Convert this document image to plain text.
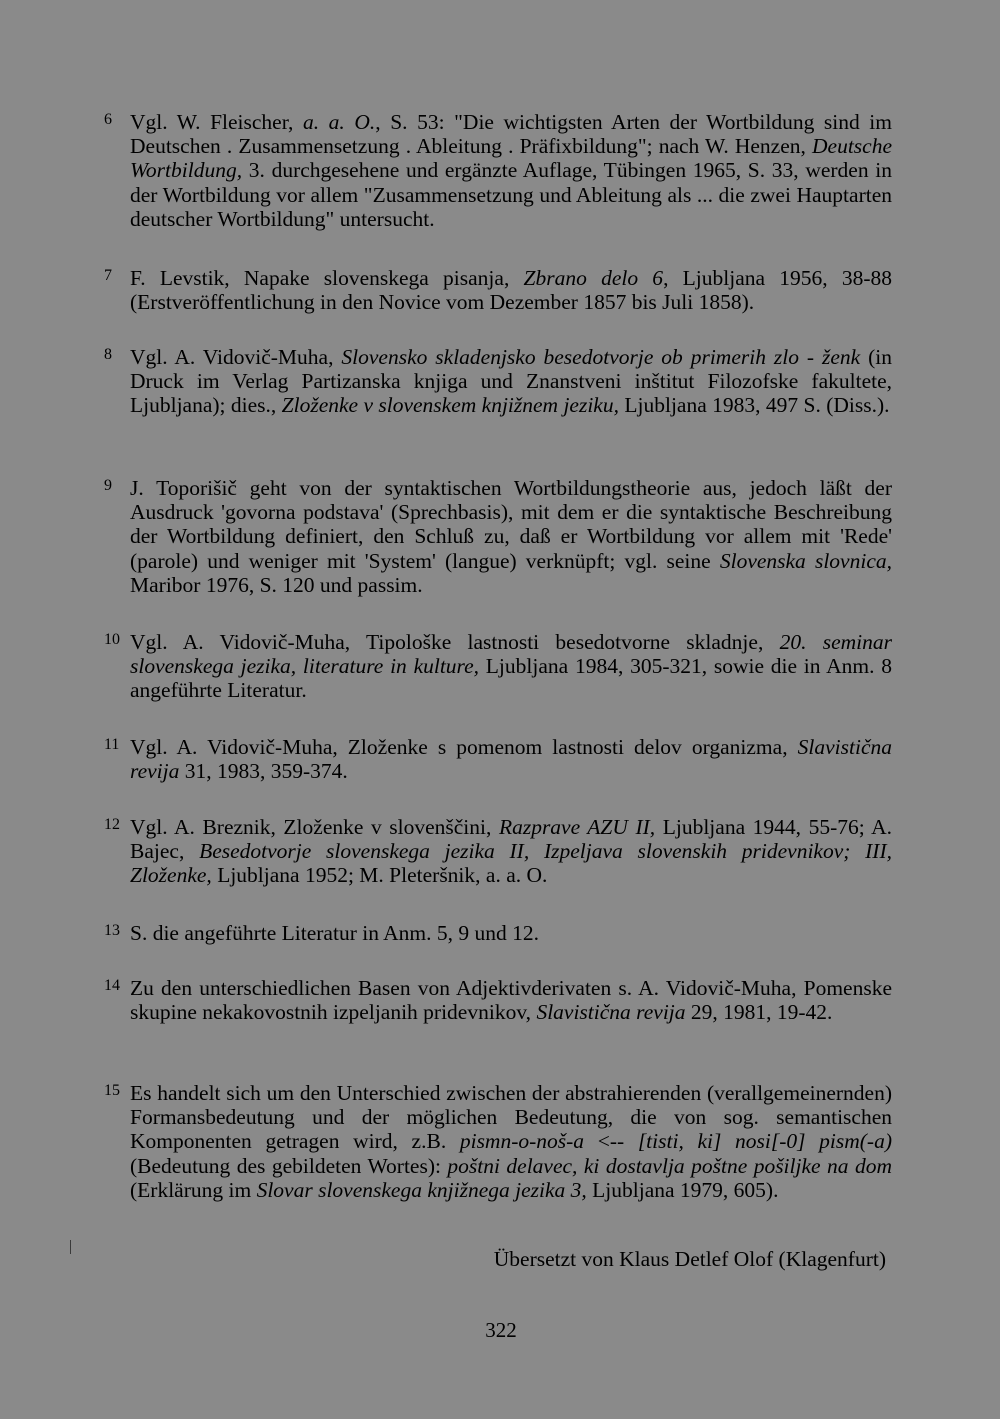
6 Vgl. W. Fleischer, a. a. O., S. 53: "Die wichtigsten Arten der Wortbildung sind im Deutschen . Zusammensetzung . Ableitung . Präfixbildung"; nach W. Henzen, Deutsche Wortbildung, 3. durchgesehene und ergänzte Auflage, Tübingen 1965, S. 33, werden in der Wortbildung vor allem "Zusammensetzung und Ableitung als ... die zwei Hauptarten deutscher Wortbildung" untersucht.

7 F. Levstik, Napake slovenskega pisanja, Zbrano delo 6, Ljubljana 1956, 38-88 (Erstveröffentlichung in den Novice vom Dezember 1857 bis Juli 1858).

8 Vgl. A. Vidovič-Muha, Slovensko skladenjsko besedotvorje ob primerih zlo - ženk (in Druck im Verlag Partizanska knjiga und Znanstveni inštitut Filozofske fakultete, Ljubljana); dies., Zloženke v slovenskem knjižnem jeziku, Ljubljana 1983, 497 S. (Diss.).

9 J. Toporišič geht von der syntaktischen Wortbildungstheorie aus, jedoch läßt der Ausdruck 'govorna podstava' (Sprechbasis), mit dem er die syntaktische Beschreibung der Wortbildung definiert, den Schluß zu, daß er Wortbildung vor allem mit 'Rede' (parole) und weniger mit 'System' (langue) verknüpft; vgl. seine Slovenska slovnica, Maribor 1976, S. 120 und passim.

10 Vgl. A. Vidovič-Muha, Tipološke lastnosti besedotvorne skladnje, 20. seminar slovenskega jezika, literature in kulture, Ljubljana 1984, 305-321, sowie die in Anm. 8 angeführte Literatur.

11 Vgl. A. Vidovič-Muha, Zloženke s pomenom lastnosti delov organizma, Slavistična revija 31, 1983, 359-374.

12 Vgl. A. Breznik, Zloženke v slovenščini, Razprave AZU II, Ljubljana 1944, 55-76; A. Bajec, Besedotvorje slovenskega jezika II, Izpeljava slovenskih pridevnikov; III, Zloženke, Ljubljana 1952; M. Pleteršnik, a. a. O.

13 S. die angeführte Literatur in Anm. 5, 9 und 12.

14 Zu den unterschiedlichen Basen von Adjektivderivaten s. A. Vidovič-Muha, Pomenske skupine nekakovostnih izpeljanih pridevnikov, Slavistična revija 29, 1981, 19-42.

15 Es handelt sich um den Unterschied zwischen der abstrahierenden (verallgemeinernden) Formansbedeutung und der möglichen Bedeutung, die von sog. semantischen Komponenten getragen wird, z.B. pismn-o-noš-a <-- [tisti, ki] nosi[-0] pism(-a) (Bedeutung des gebildeten Wortes): poštni delavec, ki dostavlja poštne pošiljke na dom (Erklärung im Slovar slovenskega knjižnega jezika 3, Ljubljana 1979, 605).

Übersetzt von Klaus Detlef Olof (Klagenfurt)
322
